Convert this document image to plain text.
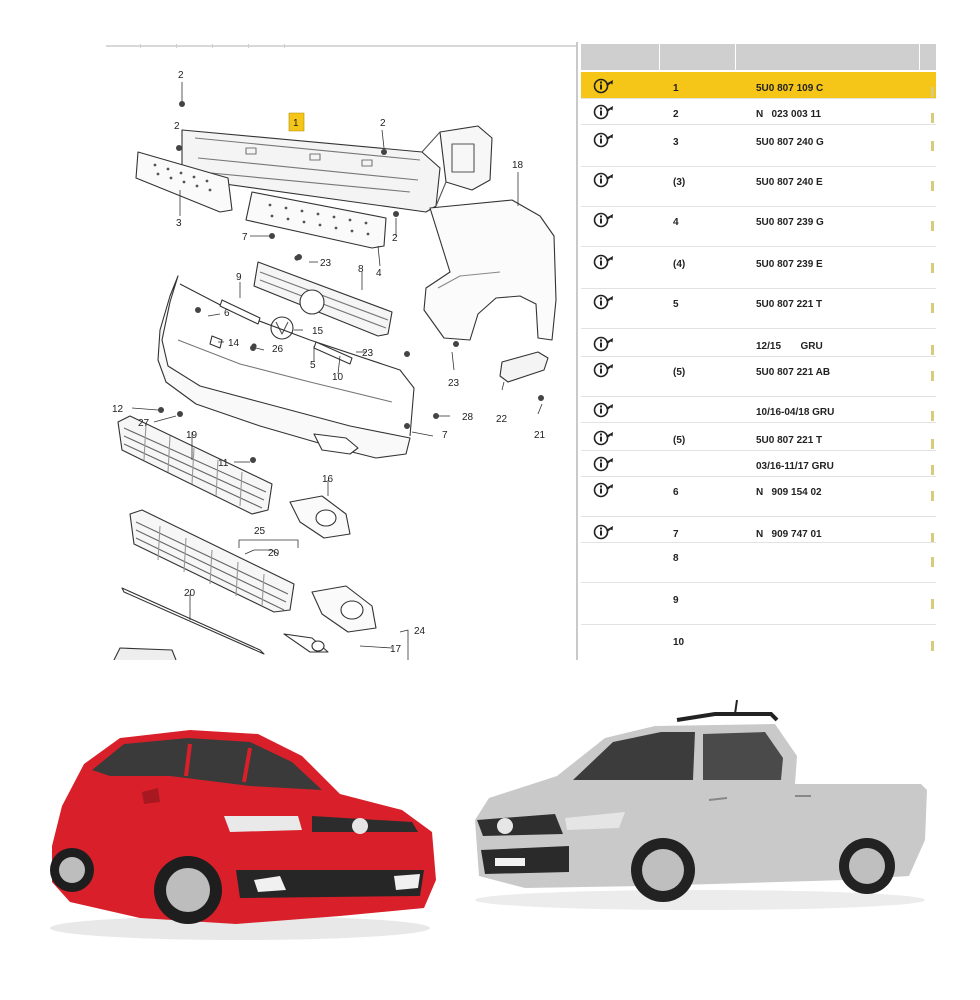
1
2
2	2
2
3
4
5
6
7
7
8
9
10
11
12
14
15
16
17
18
19
20
20
21
22
23
23
23
24
25
26
27
28
1	5U0 807 109 C
2	N   023 003 11
3	5U0 807 240 G
(3)	5U0 807 240 E
4	5U0 807 239 G
(4)	5U0 807 239 E
5	5U0 807 221 T
12/15       GRU
(5)	5U0 807 221 AB
10/16-04/18 GRU
(5)	5U0 807 221 T
03/16-11/17 GRU
6	N   909 154 02
7	N   909 747 01
8
9
10
